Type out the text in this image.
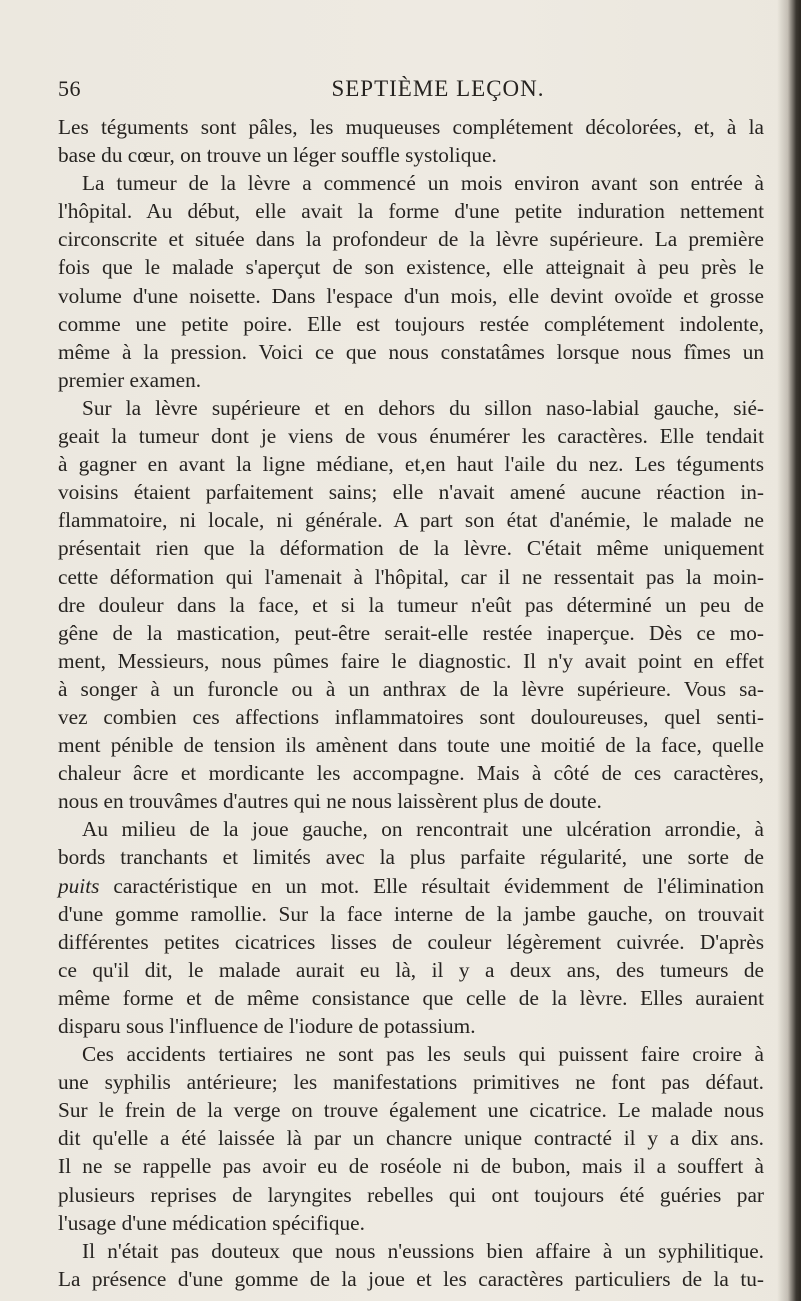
56	SEPTIÈME LEÇON.
Les téguments sont pâles, les muqueuses complétement décolorées, et, à la
base du cœur, on trouve un léger souffle systolique.
La tumeur de la lèvre a commencé un mois environ avant son entrée à
l'hôpital. Au début, elle avait la forme d'une petite induration nettement
circonscrite et située dans la profondeur de la lèvre supérieure. La première
fois que le malade s'aperçut de son existence, elle atteignait à peu près le
volume d'une noisette. Dans l'espace d'un mois, elle devint ovoïde et grosse
comme une petite poire. Elle est toujours restée complétement indolente,
même à la pression. Voici ce que nous constatâmes lorsque nous fîmes un
premier examen.
Sur la lèvre supérieure et en dehors du sillon naso-labial gauche, sié-
geait la tumeur dont je viens de vous énumérer les caractères. Elle tendait
à gagner en avant la ligne médiane, et,en haut l'aile du nez. Les téguments
voisins étaient parfaitement sains; elle n'avait amené aucune réaction in-
flammatoire, ni locale, ni générale. A part son état d'anémie, le malade ne
présentait rien que la déformation de la lèvre. C'était même uniquement
cette déformation qui l'amenait à l'hôpital, car il ne ressentait pas la moin-
dre douleur dans la face, et si la tumeur n'eût pas déterminé un peu de
gêne de la mastication, peut-être serait-elle restée inaperçue. Dès ce mo-
ment, Messieurs, nous pûmes faire le diagnostic. Il n'y avait point en effet
à songer à un furoncle ou à un anthrax de la lèvre supérieure. Vous sa-
vez combien ces affections inflammatoires sont douloureuses, quel senti-
ment pénible de tension ils amènent dans toute une moitié de la face, quelle
chaleur âcre et mordicante les accompagne. Mais à côté de ces caractères,
nous en trouvâmes d'autres qui ne nous laissèrent plus de doute.
Au milieu de la joue gauche, on rencontrait une ulcération arrondie, à
bords tranchants et limités avec la plus parfaite régularité, une sorte de
puits caractéristique en un mot. Elle résultait évidemment de l'élimination
d'une gomme ramollie. Sur la face interne de la jambe gauche, on trouvait
différentes petites cicatrices lisses de couleur légèrement cuivrée. D'après
ce qu'il dit, le malade aurait eu là, il y a deux ans, des tumeurs de
même forme et de même consistance que celle de la lèvre. Elles auraient
disparu sous l'influence de l'iodure de potassium.
Ces accidents tertiaires ne sont pas les seuls qui puissent faire croire à
une syphilis antérieure; les manifestations primitives ne font pas défaut.
Sur le frein de la verge on trouve également une cicatrice. Le malade nous
dit qu'elle a été laissée là par un chancre unique contracté il y a dix ans.
Il ne se rappelle pas avoir eu de roséole ni de bubon, mais il a souffert à
plusieurs reprises de laryngites rebelles qui ont toujours été guéries par
l'usage d'une médication spécifique.
Il n'était pas douteux que nous n'eussions bien affaire à un syphilitique.
La présence d'une gomme de la joue et les caractères particuliers de la tu-
